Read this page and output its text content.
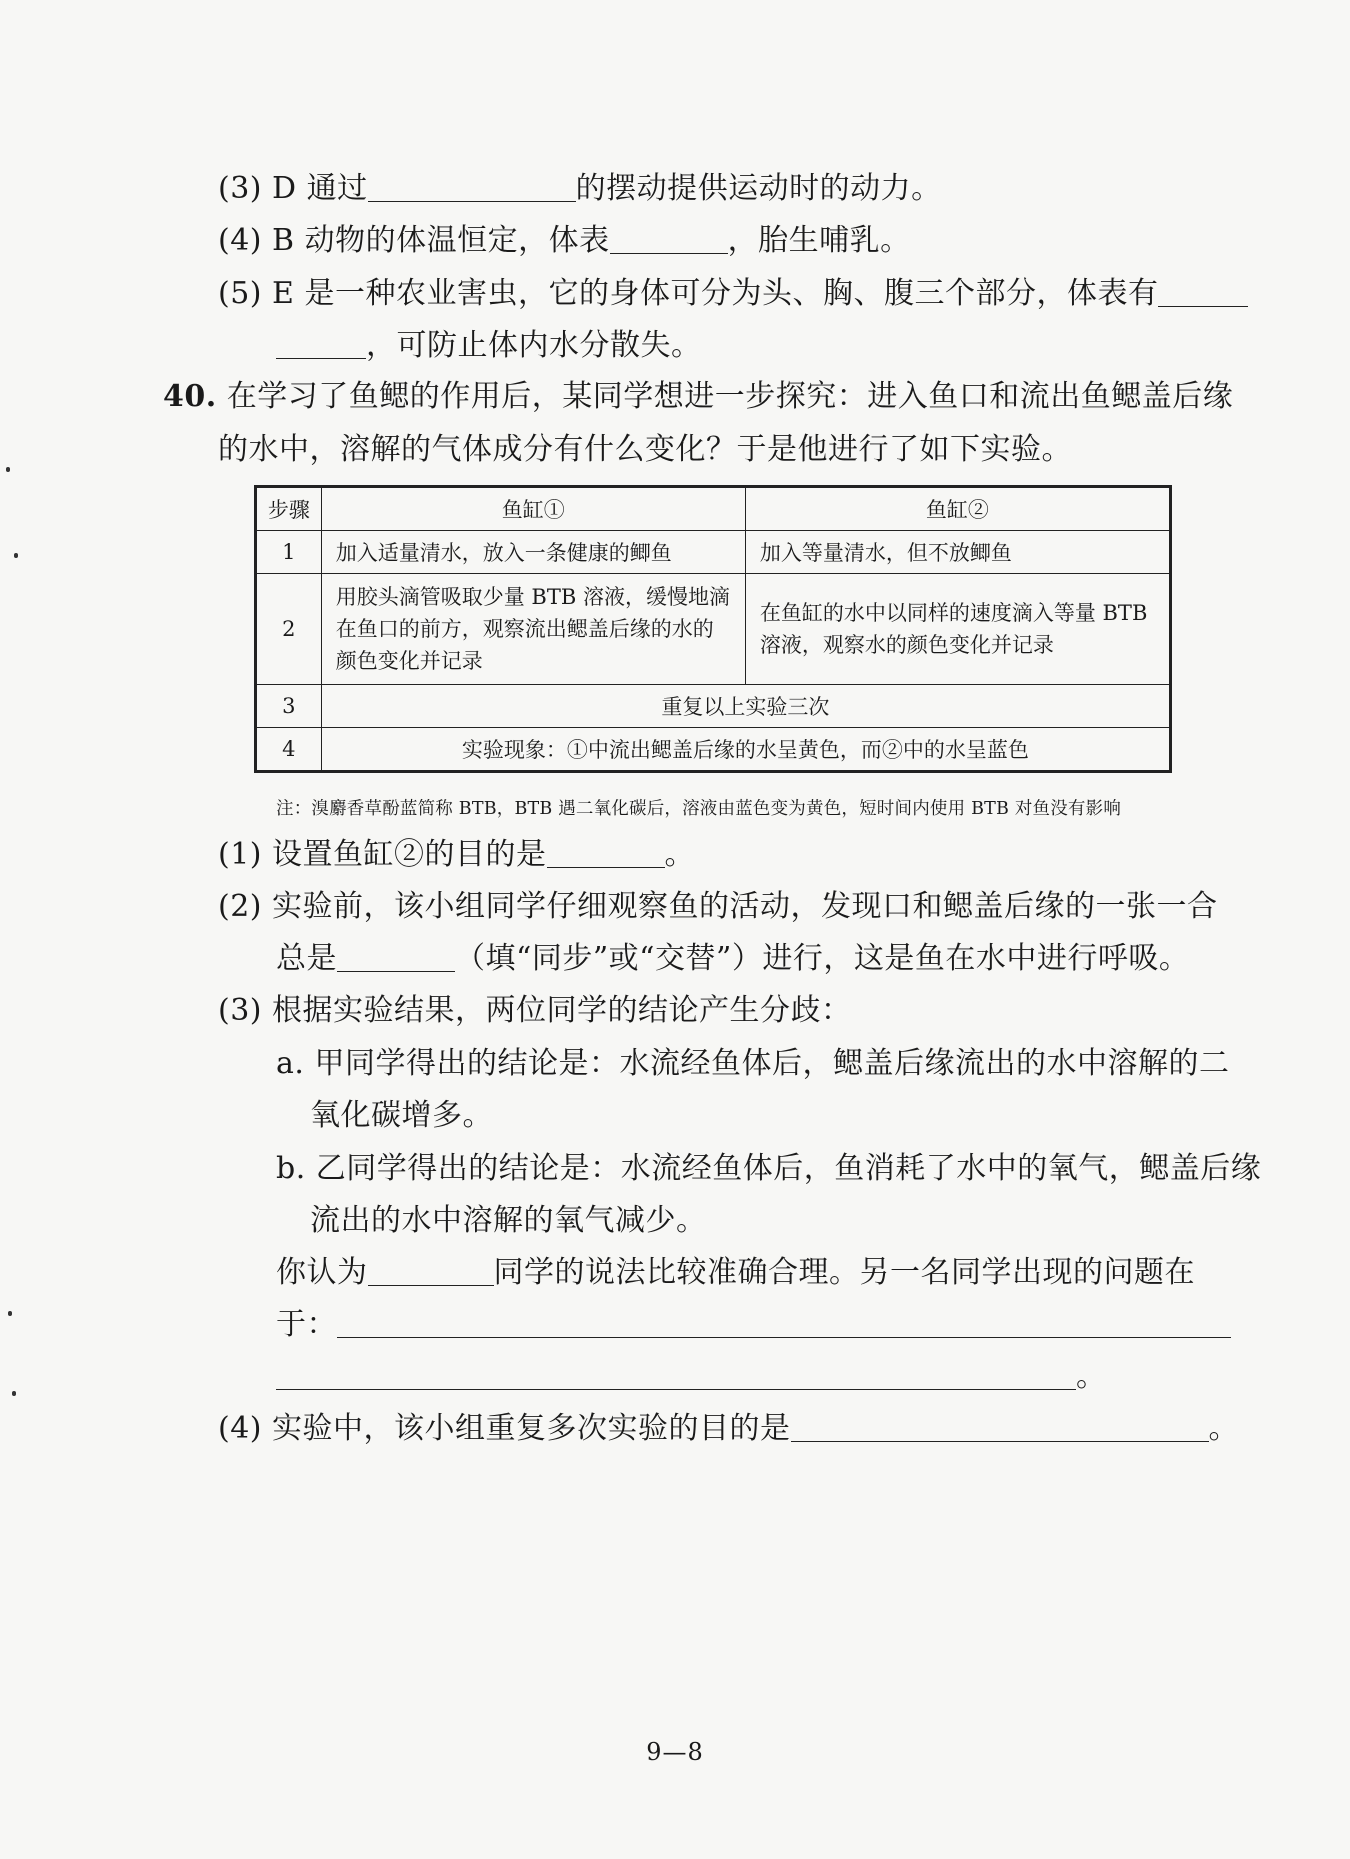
(3) D 通过	的摆动提供运动时的动力。
(4) B 动物的体温恒定，体表	，胎生哺乳。
(5) E 是一种农业害虫，它的身体可分为头、胸、腹三个部分，体表有
，可防止体内水分散失。
40. 在学习了鱼鳃的作用后，某同学想进一步探究：进入鱼口和流出鱼鳃盖后缘
的水中，溶解的气体成分有什么变化？于是他进行了如下实验。
步骤	鱼缸①	鱼缸②
1	加入适量清水，放入一条健康的鲫鱼	加入等量清水，但不放鲫鱼
2	用胶头滴管吸取少量 BTB 溶液，缓慢地滴在鱼口的前方，观察流出鳃盖后缘的水的颜色变化并记录	在鱼缸的水中以同样的速度滴入等量 BTB 溶液，观察水的颜色变化并记录
3	重复以上实验三次	
4	实验现象：①中流出鳃盖后缘的水呈黄色，而②中的水呈蓝色	
注：溴麝香草酚蓝简称 BTB，BTB 遇二氧化碳后，溶液由蓝色变为黄色，短时间内使用 BTB 对鱼没有影响
(1) 设置鱼缸②的目的是	。
(2) 实验前，该小组同学仔细观察鱼的活动，发现口和鳃盖后缘的一张一合
总是	（填“同步”或“交替”）进行，这是鱼在水中进行呼吸。
(3) 根据实验结果，两位同学的结论产生分歧：
a. 甲同学得出的结论是：水流经鱼体后，鳃盖后缘流出的水中溶解的二
氧化碳增多。
b. 乙同学得出的结论是：水流经鱼体后，鱼消耗了水中的氧气，鳃盖后缘
流出的水中溶解的氧气减少。
你认为	同学的说法比较准确合理。另一名同学出现的问题在
于：
。
(4) 实验中，该小组重复多次实验的目的是	。
9—8
